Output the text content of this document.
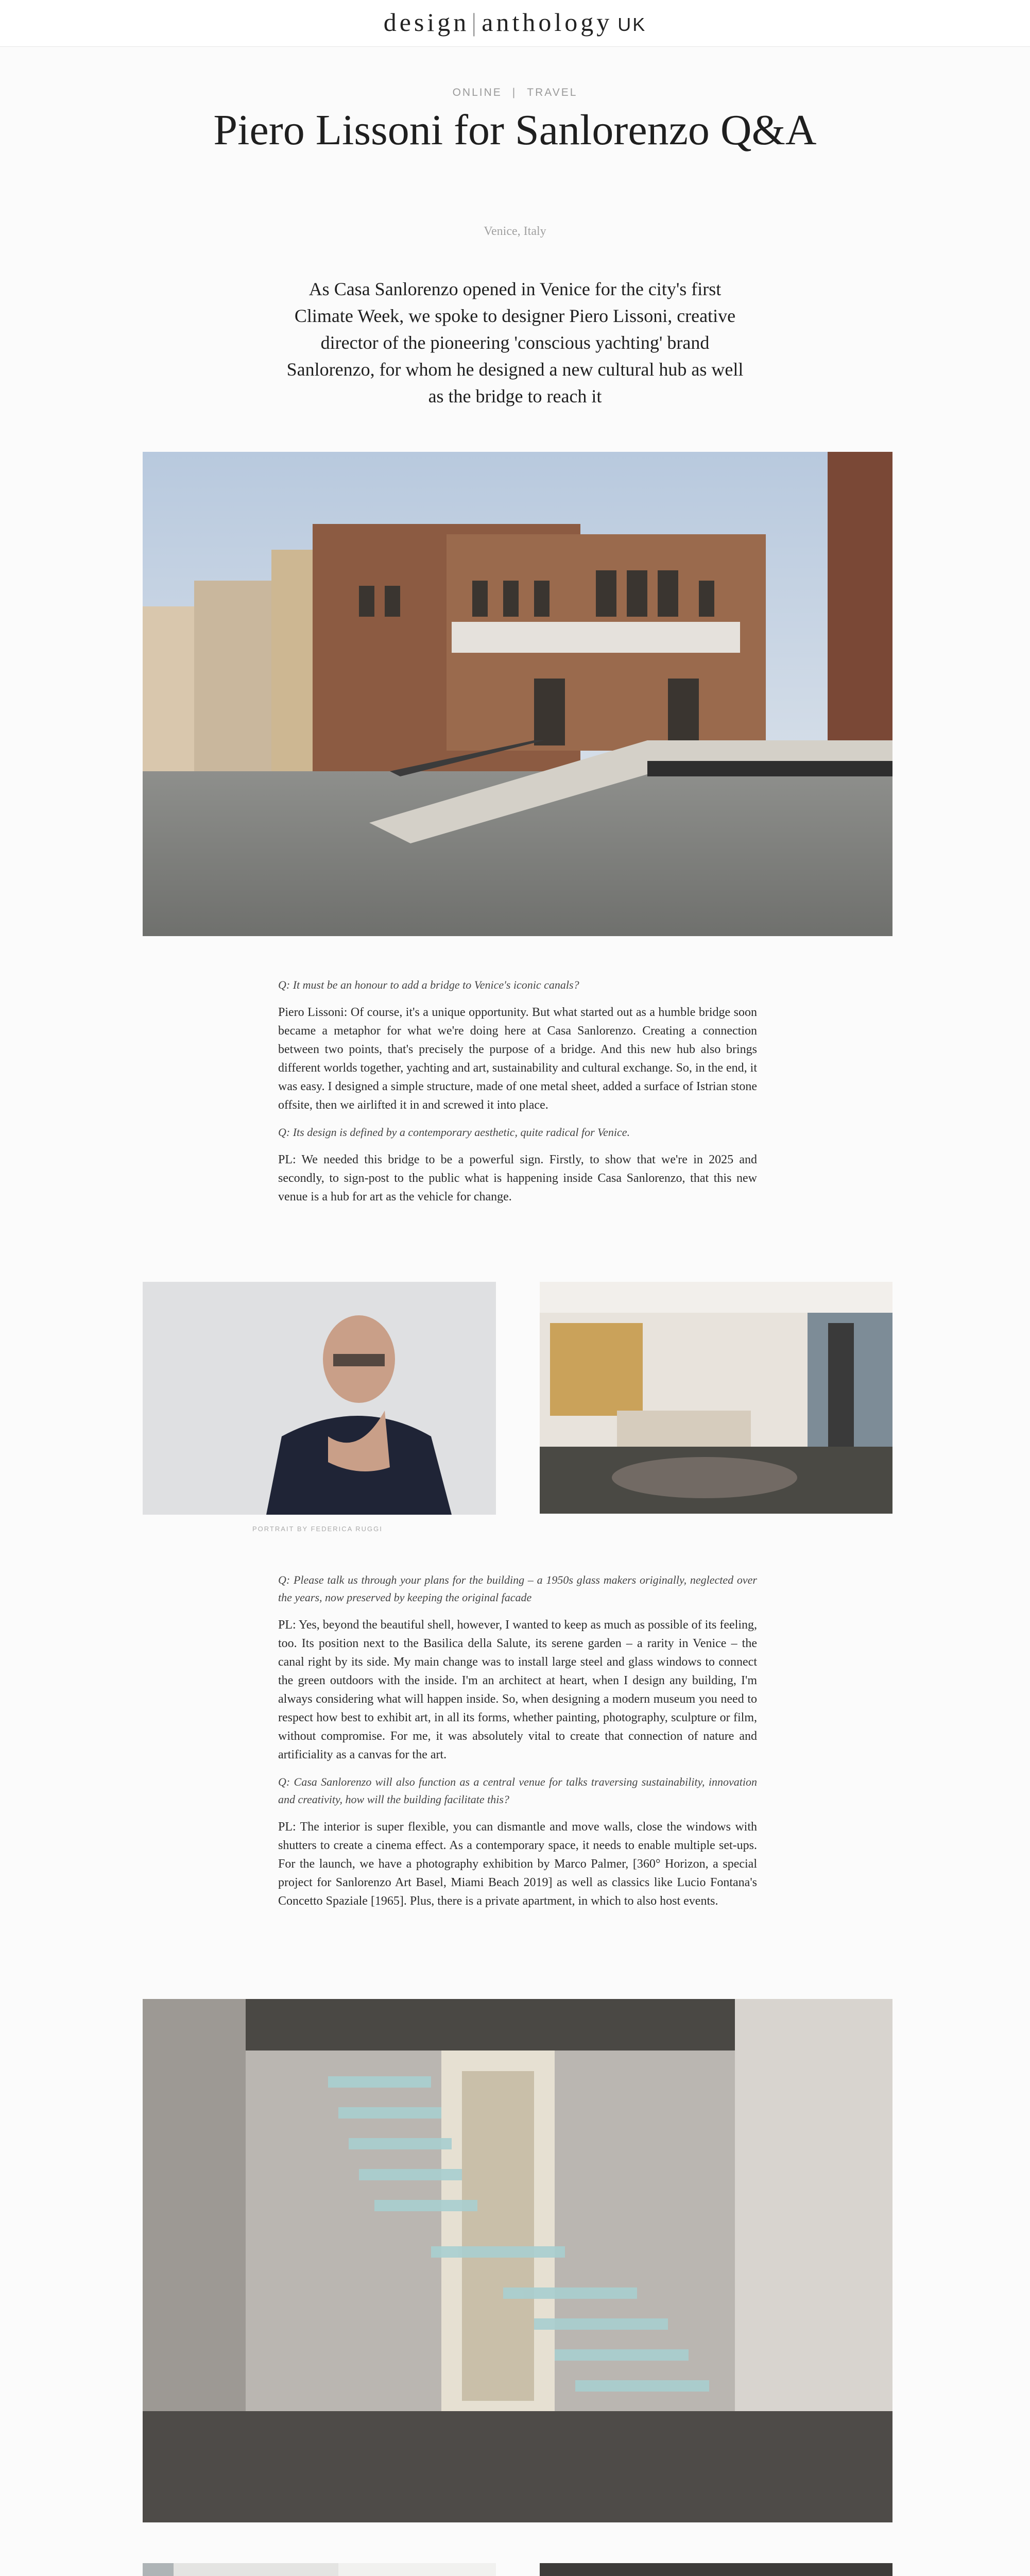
design|anthology UK
ONLINE | TRAVEL
Piero Lissoni for Sanlorenzo Q&A
Venice, Italy

As Casa Sanlorenzo opened in Venice for the city's first Climate Week, we spoke to designer Piero Lissoni, creative director of the pioneering 'conscious yachting' brand Sanlorenzo, for whom he designed a new cultural hub as well as the bridge to reach it

Q: It must be an honour to add a bridge to Venice's iconic canals?

Piero Lissoni: Of course, it's a unique opportunity. But what started out as a humble bridge soon became a metaphor for what we're doing here at Casa Sanlorenzo. Creating a connection between two points, that's precisely the purpose of a bridge. And this new hub also brings different worlds together, yachting and art, sustainability and cultural exchange. So, in the end, it was easy. I designed a simple structure, made of one metal sheet, added a surface of Istrian stone offsite, then we airlifted it in and screwed it into place.

Q: Its design is defined by a contemporary aesthetic, quite radical for Venice.

PL: We needed this bridge to be a powerful sign. Firstly, to show that we're in 2025 and secondly, to sign-post to the public what is happening inside Casa Sanlorenzo, that this new venue is a hub for art as the vehicle for change.

PORTRAIT BY FEDERICA RUGGI

Q: Please talk us through your plans for the building – a 1950s glass makers originally, neglected over the years, now preserved by keeping the original facade

PL: Yes, beyond the beautiful shell, however, I wanted to keep as much as possible of its feeling, too. Its position next to the Basilica della Salute, its serene garden – a rarity in Venice – the canal right by its side. My main change was to install large steel and glass windows to connect the green outdoors with the inside. I'm an architect at heart, when I design any building, I'm always considering what will happen inside. So, when designing a modern museum you need to respect how best to exhibit art, in all its forms, whether painting, photography, sculpture or film, without compromise. For me, it was absolutely vital to create that connection of nature and artificiality as a canvas for the art.

Q: Casa Sanlorenzo will also function as a central venue for talks traversing sustainability, innovation and creativity, how will the building facilitate this?

PL: The interior is super flexible, you can dismantle and move walls, close the windows with shutters to create a cinema effect. As a contemporary space, it needs to enable multiple set-ups. For the launch, we have a photography exhibition by Marco Palmer, [360° Horizon, a special project for Sanlorenzo Art Basel, Miami Beach 2019] as well as classics like Lucio Fontana's Concetto Spaziale [1965]. Plus, there is a private apartment, in which to also host events.
